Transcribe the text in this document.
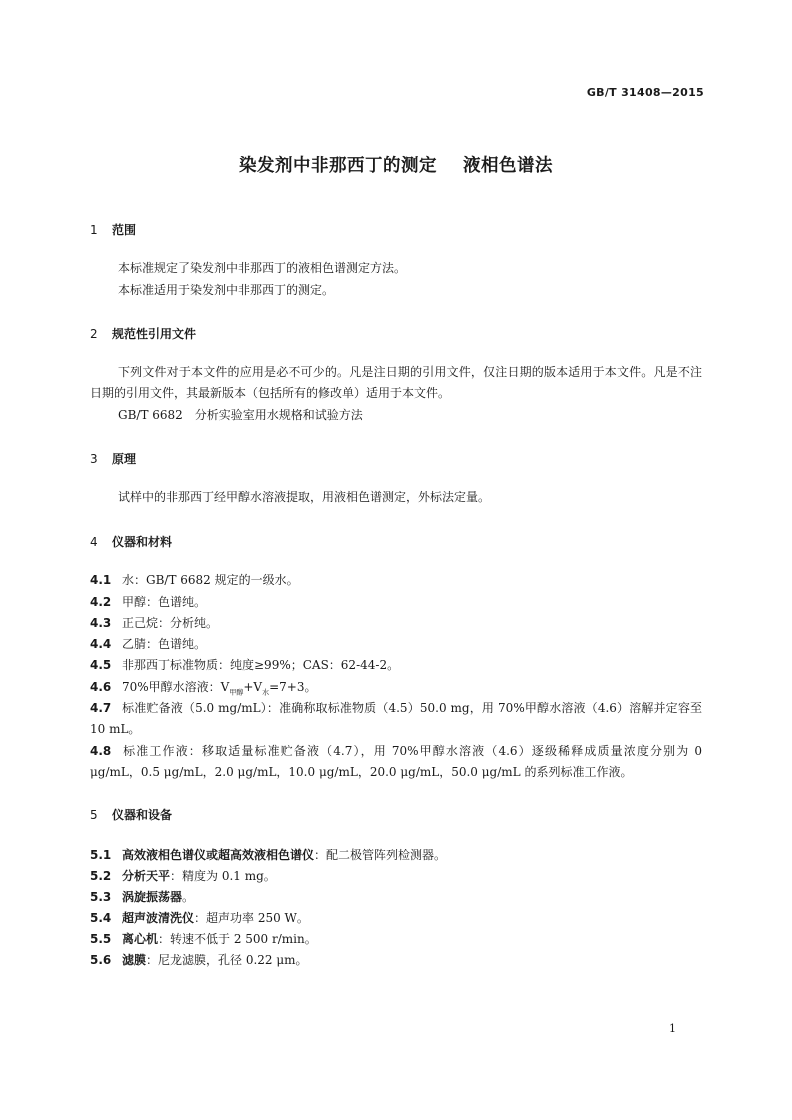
GB/T 31408—2015
染发剂中非那西丁的测定 液相色谱法
1 范围
本标准规定了染发剂中非那西丁的液相色谱测定方法。
本标准适用于染发剂中非那西丁的测定。
2 规范性引用文件
下列文件对于本文件的应用是必不可少的。凡是注日期的引用文件，仅注日期的版本适用于本文件。凡是不注日期的引用文件，其最新版本（包括所有的修改单）适用于本文件。
GB/T 6682　分析实验室用水规格和试验方法
3 原理
试样中的非那西丁经甲醇水溶液提取，用液相色谱测定，外标法定量。
4 仪器和材料
4.1 水：GB/T 6682 规定的一级水。
4.2 甲醇：色谱纯。
4.3 正己烷：分析纯。
4.4 乙腈：色谱纯。
4.5 非那西丁标准物质：纯度≥99%；CAS：62-44-2。
4.6 70%甲醇水溶液：$V_{甲醇}+V_水=7+3$。
4.7 标准贮备液（5.0 mg/mL）：准确称取标准物质（4.5）50.0 mg，用 70%甲醇水溶液（4.6）溶解并定容至 10 mL。
4.8 标准工作液：移取适量标准贮备液（4.7），用 70%甲醇水溶液（4.6）逐级稀释成质量浓度分别为 0 μg/mL，0.5 μg/mL，2.0 μg/mL，10.0 μg/mL，20.0 μg/mL，50.0 μg/mL 的系列标准工作液。
5 仪器和设备
5.1 高效液相色谱仪或超高效液相色谱仪：配二极管阵列检测器。
5.2 分析天平：精度为 0.1 mg。
5.3 涡旋振荡器。
5.4 超声波清洗仪：超声功率 250 W。
5.5 离心机：转速不低于 2 500 r/min。
5.6 滤膜：尼龙滤膜，孔径 0.22 μm。
1
